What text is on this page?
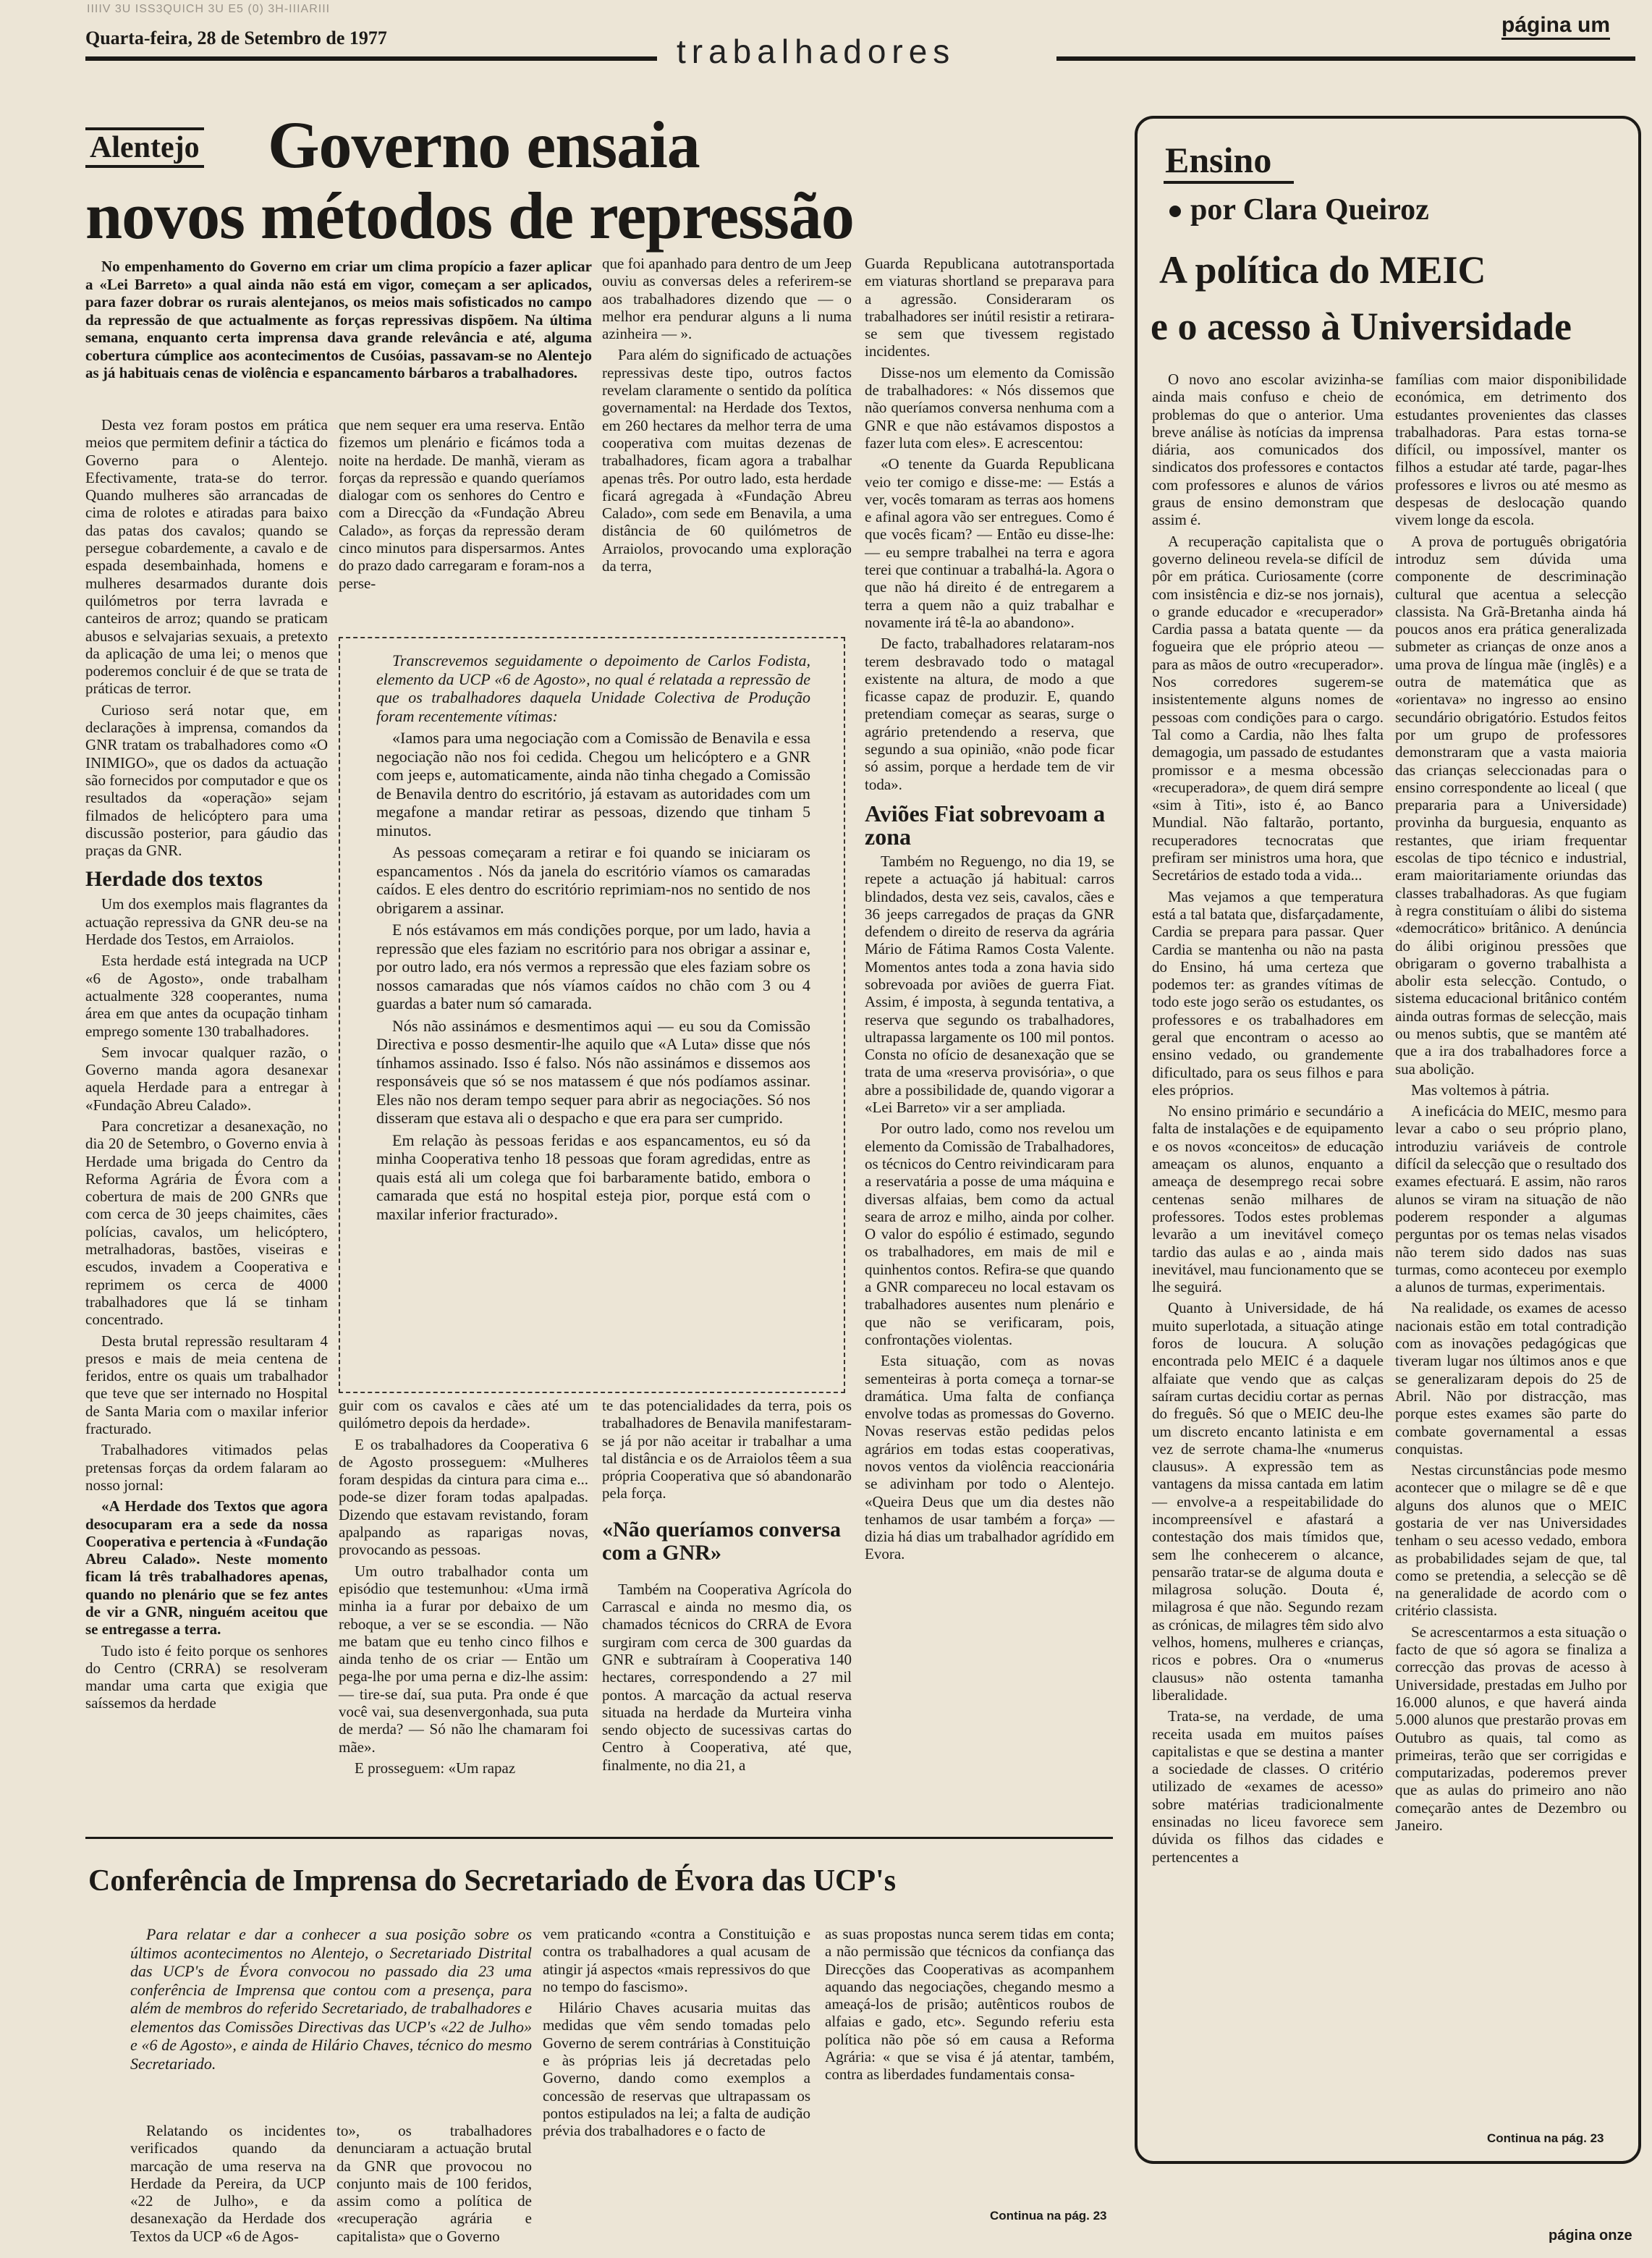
IIIIV 3U ISS3QUICH 3U E5 (0) 3H-IIIARIII
Quarta-feira, 28 de Setembro de 1977	trabalhadores
página um
Alentejo Governo ensaia
novos métodos de repressão

No empenhamento do Governo em criar um clima propício a fazer aplicar a «Lei Barreto» a qual ainda não está em vigor, começam a ser aplicados, para fazer dobrar os rurais alentejanos, os meios mais sofisticados no campo da repressão de que actualmente as forças repressivas dispõem. Na última semana, enquanto certa imprensa dava grande relevância e até, alguma cobertura cúmplice aos acontecimentos de Cusóias, passavam-se no Alentejo as já habituais cenas de violência e espancamento bárbaros a trabalhadores.

Desta vez foram postos em prática meios que permitem definir a táctica do Governo para o Alentejo. Efectivamente, trata-se do terror. Quando mulheres são arrancadas de cima de rolotes e atiradas para baixo das patas dos cavalos; quando se persegue cobardemente, a cavalo e de espada desembainhada, homens e mulheres desarmados durante dois quilómetros por terra lavrada e canteiros de arroz; quando se praticam abusos e selvajarias sexuais, a pretexto da aplicação de uma lei; o menos que poderemos concluir é de que se trata de práticas de terror.

Curioso será notar que, em declarações à imprensa, comandos da GNR tratam os trabalhadores como «O INIMIGO», que os dados da actuação são fornecidos por computador e que os resultados da «operação» sejam filmados de helicóptero para uma discussão posterior, para gáudio das praças da GNR.

Herdade dos textos

Um dos exemplos mais flagrantes da actuação repressiva da GNR deu-se na Herdade dos Testos, em Arraiolos.

Esta herdade está integrada na UCP «6 de Agosto», onde trabalham actualmente 328 cooperantes, numa área em que antes da ocupação tinham emprego somente 130 trabalhadores.

Sem invocar qualquer razão, o Governo manda agora desanexar aquela Herdade para a entregar à «Fundação Abreu Calado».

Para concretizar a desanexação, no dia 20 de Setembro, o Governo envia à Herdade uma brigada do Centro da Reforma Agrária de Évora com a cobertura de mais de 200 GNRs que com cerca de 30 jeeps chaimites, cães polícias, cavalos, um helicóptero, metralhadoras, bastões, viseiras e escudos, invadem a Cooperativa e reprimem os cerca de 4000 trabalhadores que lá se tinham concentrado.

Desta brutal repressão resultaram 4 presos e mais de meia centena de feridos, entre os quais um trabalhador que teve que ser internado no Hospital de Santa Maria com o maxilar inferior fracturado.

Trabalhadores vitimados pelas pretensas forças da ordem falaram ao nosso jornal:

«A Herdade dos Textos que agora desocuparam era a sede da nossa Cooperativa e pertencia à «Fundação Abreu Calado». Neste momento ficam lá três trabalhadores apenas, quando no plenário que se fez antes de vir a GNR, ninguém aceitou que se entregasse a terra.

Tudo isto é feito porque os senhores do Centro (CRRA) se resolveram mandar uma carta que exigia que saíssemos da herdade

que nem sequer era uma reserva. Então fizemos um plenário e ficámos toda a noite na herdade. De manhã, vieram as forças da repressão e quando queríamos dialogar com os senhores do Centro e com a Direcção da «Fundação Abreu Calado», as forças da repressão deram cinco minutos para dispersarmos. Antes do prazo dado carregaram e foram-nos a perse-

que foi apanhado para dentro de um Jeep ouviu as conversas deles a referirem-se aos trabalhadores dizendo que — o melhor era pendurar alguns a li numa azinheira — ».

Para além do significado de actuações repressivas deste tipo, outros factos revelam claramente o sentido da política governamental: na Herdade dos Textos, em 260 hectares da melhor terra de uma cooperativa com muitas dezenas de trabalhadores, ficam agora a trabalhar apenas três. Por outro lado, esta herdade ficará agregada à «Fundação Abreu Calado», com sede em Benavila, a uma distância de 60 quilómetros de Arraiolos, provocando uma exploração da terra,

Guarda Republicana autotransportada em viaturas shortland se preparava para a agressão. Consideraram os trabalhadores ser inútil resistir a retirara-se sem que tivessem registado incidentes.

Disse-nos um elemento da Comissão de trabalhadores: « Nós dissemos que não queríamos conversa nenhuma com a GNR e que não estávamos dispostos a fazer luta com eles». E acrescentou:

«O tenente da Guarda Republicana veio ter comigo e disse-me: — Estás a ver, vocês tomaram as terras aos homens e afinal agora vão ser entregues. Como é que vocês ficam? — Então eu disse-lhe: — eu sempre trabalhei na terra e agora terei que continuar a trabalhá-la. Agora o que não há direito é de entregarem a terra a quem não a quiz trabalhar e novamente irá tê-la ao abandono».

De facto, trabalhadores relataram-nos terem desbravado todo o matagal existente na altura, de modo a que ficasse capaz de produzir. E, quando pretendiam começar as searas, surge o agrário pretendendo a reserva, que segundo a sua opinião, «não pode ficar só assim, porque a herdade tem de vir toda».

Aviões Fiat sobrevoam a zona

Também no Reguengo, no dia 19, se repete a actuação já habitual: carros blindados, desta vez seis, cavalos, cães e 36 jeeps carregados de praças da GNR defendem o direito de reserva da agrária Mário de Fátima Ramos Costa Valente. Momentos antes toda a zona havia sido sobrevoada por aviões de guerra Fiat. Assim, é imposta, à segunda tentativa, a reserva que segundo os trabalhadores, ultrapassa largamente os 100 mil pontos. Consta no ofício de desanexação que se trata de uma «reserva provisória», o que abre a possibilidade de, quando vigorar a «Lei Barreto» vir a ser ampliada.

Por outro lado, como nos revelou um elemento da Comissão de Trabalhadores, os técnicos do Centro reivindicaram para a reservatária a posse de uma máquina e diversas alfaias, bem como da actual seara de arroz e milho, ainda por colher. O valor do espólio é estimado, segundo os trabalhadores, em mais de mil e quinhentos contos. Refira-se que quando a GNR compareceu no local estavam os trabalhadores ausentes num plenário e que não se verificaram, pois, confrontações violentas.

Esta situação, com as novas sementeiras à porta começa a tornar-se dramática. Uma falta de confiança envolve todas as promessas do Governo. Novas reservas estão pedidas pelos agrários em todas estas cooperativas, novos ventos da violência reaccionária se adivinham por todo o Alentejo. «Queira Deus que um dia destes não tenhamos de usar também a força» — dizia há dias um trabalhador agrídido em Evora.

Transcrevemos seguidamente o depoimento de Carlos Fodista, elemento da UCP «6 de Agosto», no qual é relatada a repressão de que os trabalhadores daquela Unidade Colectiva de Produção foram recentemente vítimas:

«Iamos para uma negociação com a Comissão de Benavila e essa negociação não nos foi cedida. Chegou um helicóptero e a GNR com jeeps e, automaticamente, ainda não tinha chegado a Comissão de Benavila dentro do escritório, já estavam as autoridades com um megafone a mandar retirar as pessoas, dizendo que tinham 5 minutos.

As pessoas começaram a retirar e foi quando se iniciaram os espancamentos . Nós da janela do escritório víamos os camaradas caídos. E eles dentro do escritório reprimiam-nos no sentido de nos obrigarem a assinar.

E nós estávamos em más condições porque, por um lado, havia a repressão que eles faziam no escritório para nos obrigar a assinar e, por outro lado, era nós vermos a repressão que eles faziam sobre os nossos camaradas que nós víamos caídos no chão com 3 ou 4 guardas a bater num só camarada.

Nós não assinámos e desmentimos aqui — eu sou da Comissão Directiva e posso desmentir-lhe aquilo que «A Luta» disse que nós tínhamos assinado. Isso é falso. Nós não assinámos e dissemos aos responsáveis que só se nos matassem é que nós podíamos assinar. Eles não nos deram tempo sequer para abrir as negociações. Só nos disseram que estava ali o despacho e que era para ser cumprido.

Em relação às pessoas feridas e aos espancamentos, eu só da minha Cooperativa tenho 18 pessoas que foram agredidas, entre as quais está ali um colega que foi barbaramente batido, embora o camarada que está no hospital esteja pior, porque está com o maxilar inferior fracturado».

guir com os cavalos e cães até um quilómetro depois da herdade».

E os trabalhadores da Cooperativa 6 de Agosto prosseguem: «Mulheres foram despidas da cintura para cima e... pode-se dizer foram todas apalpadas. Dizendo que estavam revistando, foram apalpando as raparigas novas, provocando as pessoas.

Um outro trabalhador conta um episódio que testemunhou: «Uma irmã minha ia a furar por debaixo de um reboque, a ver se se escondia. — Não me batam que eu tenho cinco filhos e ainda tenho de os criar — Então um pega-lhe por uma perna e diz-lhe assim: — tire-se daí, sua puta. Pra onde é que você vai, sua desenvergonhada, sua puta de merda? — Só não lhe chamaram foi mãe».

E prosseguem: «Um rapaz

te das potencialidades da terra, pois os trabalhadores de Benavila manifestaram-se já por não aceitar ir trabalhar a uma tal distância e os de Arraiolos têem a sua própria Cooperativa que só abandonarão pela força.

«Não queríamos conversa com a GNR»

Também na Cooperativa Agrícola do Carrascal e ainda no mesmo dia, os chamados técnicos do CRRA de Evora surgiram com cerca de 300 guardas da GNR e subtraíram à Cooperativa 140 hectares, correspondendo a 27 mil pontos. A marcação da actual reserva situada na herdade da Murteira vinha sendo objecto de sucessivas cartas do Centro à Cooperativa, até que, finalmente, no dia 21, a

Ensino
por Clara Queiroz
A política do MEIC
e o acesso à Universidade

O novo ano escolar avizinha-se ainda mais confuso e cheio de problemas do que o anterior. Uma breve análise às notícias da imprensa diária, aos comunicados dos sindicatos dos professores e contactos com professores e alunos de vários graus de ensino demonstram que assim é.

A recuperação capitalista que o governo delineou revela-se difícil de pôr em prática. Curiosamente (corre com insistência e diz-se nos jornais), o grande educador e «recuperador» Cardia passa a batata quente — da fogueira que ele próprio ateou — para as mãos de outro «recuperador». Nos corredores sugerem-se insistentemente alguns nomes de pessoas com condições para o cargo. Tal como a Cardia, não lhes falta demagogia, um passado de estudantes promissor e a mesma obcessão «recuperadora», de quem dirá sempre «sim à Titi», isto é, ao Banco Mundial. Não faltarão, portanto, recuperadores tecnocratas que prefiram ser ministros uma hora, que Secretários de estado toda a vida...

Mas vejamos a que temperatura está a tal batata que, disfarçadamente, Cardia se prepara para passar. Quer Cardia se mantenha ou não na pasta do Ensino, há uma certeza que podemos ter: as grandes vítimas de todo este jogo serão os estudantes, os professores e os trabalhadores em geral que encontram o acesso ao ensino vedado, ou grandemente dificultado, para os seus filhos e para eles próprios.

No ensino primário e secundário a falta de instalações e de equipamento e os novos «conceitos» de educação ameaçam os alunos, enquanto a ameaça de desemprego recai sobre centenas senão milhares de professores. Todos estes problemas levarão a um inevitável começo tardio das aulas e ao , ainda mais inevitável, mau funcionamento que se lhe seguirá.

Quanto à Universidade, de há muito superlotada, a situação atinge foros de loucura. A solução encontrada pelo MEIC é a daquele alfaiate que vendo que as calças saíram curtas decidiu cortar as pernas do freguês. Só que o MEIC deu-lhe um discreto encanto latinista e em vez de serrote chama-lhe «numerus clausus». A expressão tem as vantagens da missa cantada em latim — envolve-a a respeitabilidade do incompreensível e afastará a contestação dos mais tímidos que, sem lhe conhecerem o alcance, pensarão tratar-se de alguma douta e milagrosa solução. Douta é, milagrosa é que não. Segundo rezam as crónicas, de milagres têm sido alvo velhos, homens, mulheres e crianças, ricos e pobres. Ora o «numerus clausus» não ostenta tamanha liberalidade.

Trata-se, na verdade, de uma receita usada em muitos países capitalistas e que se destina a manter a sociedade de classes. O critério utilizado de «exames de acesso» sobre matérias tradicionalmente ensinadas no liceu favorece sem dúvida os filhos das cidades e pertencentes a

famílias com maior disponibilidade económica, em detrimento dos estudantes provenientes das classes trabalhadoras. Para estas torna-se difícil, ou impossível, manter os filhos a estudar até tarde, pagar-lhes professores e livros ou até mesmo as despesas de deslocação quando vivem longe da escola.

A prova de português obrigatória introduz sem dúvida uma componente de descriminação cultural que acentua a selecção classista. Na Grã-Bretanha ainda há poucos anos era prática generalizada submeter as crianças de onze anos a uma prova de língua mãe (inglês) e a outra de matemática que as «orientava» no ingresso ao ensino secundário obrigatório. Estudos feitos por um grupo de professores demonstraram que a vasta maioria das crianças seleccionadas para o ensino correspondente ao liceal ( que prepararia para a Universidade) provinha da burguesia, enquanto as restantes, que iriam frequentar escolas de tipo técnico e industrial, eram maioritariamente oriundas das classes trabalhadoras. As que fugiam à regra constituíam o álibi do sistema «democrático» britânico. A denúncia do álibi originou pressões que obrigaram o governo trabalhista a abolir esta selecção. Contudo, o sistema educacional britânico contém ainda outras formas de selecção, mais ou menos subtis, que se mantêm até que a ira dos trabalhadores force a sua abolição.

Mas voltemos à pátria.

A ineficácia do MEIC, mesmo para levar a cabo o seu próprio plano, introduziu variáveis de controle difícil da selecção que o resultado dos exames efectuará. E assim, não raros alunos se viram na situação de não poderem responder a algumas perguntas por os temas nelas visados não terem sido dados nas suas turmas, como aconteceu por exemplo a alunos de turmas, experimentais.

Na realidade, os exames de acesso nacionais estão em total contradição com as inovações pedagógicas que tiveram lugar nos últimos anos e que se generalizaram depois do 25 de Abril. Não por distracção, mas porque estes exames são parte do combate governamental a essas conquistas.

Nestas circunstâncias pode mesmo acontecer que o milagre se dê e que alguns dos alunos que o MEIC gostaria de ver nas Universidades tenham o seu acesso vedado, embora as probabilidades sejam de que, tal como se pretendia, a selecção se dê na generalidade de acordo com o critério classista.

Se acrescentarmos a esta situação o facto de que só agora se finaliza a correcção das provas de acesso à Universidade, prestadas em Julho por 16.000 alunos, e que haverá ainda 5.000 alunos que prestarão provas em Outubro as quais, tal como as primeiras, terão que ser corrigidas e computarizadas, poderemos prever que as aulas do primeiro ano não começarão antes de Dezembro ou Janeiro.

Continua na pág. 23
Conferência de Imprensa do Secretariado de Évora das UCP's

Para relatar e dar a conhecer a sua posição sobre os últimos acontecimentos no Alentejo, o Secretariado Distrital das UCP's de Évora convocou no passado dia 23 uma conferência de Imprensa que contou com a presença, para além de membros do referido Secretariado, de trabalhadores e elementos das Comissões Directivas das UCP's «22 de Julho» e «6 de Agosto», e ainda de Hilário Chaves, técnico do mesmo Secretariado.

Relatando os incidentes verificados quando da marcação de uma reserva na Herdade da Pereira, da UCP «22 de Julho», e da desanexação da Herdade dos Textos da UCP «6 de Agos-

to», os trabalhadores denunciaram a actuação brutal da GNR que provocou no conjunto mais de 100 feridos, assim como a política de «recuperação agrária e capitalista» que o Governo

vem praticando «contra a Constituição e contra os trabalhadores a qual acusam de atingir já aspectos «mais repressivos do que no tempo do fascismo».

Hilário Chaves acusaria muitas das medidas que vêm sendo tomadas pelo Governo de serem contrárias à Constituição e às próprias leis já decretadas pelo Governo, dando como exemplos a concessão de reservas que ultrapassam os pontos estipulados na lei; a falta de audição prévia dos trabalhadores e o facto de

as suas propostas nunca serem tidas em conta; a não permissão que técnicos da confiança das Direcções das Cooperativas as acompanhem aquando das negociações, chegando mesmo a ameaçá-los de prisão; autênticos roubos de alfaias e gado, etc». Segundo referiu esta política não põe só em causa a Reforma Agrária: « que se visa é já atentar, também, contra as liberdades fundamentais consa-

Continua na pág. 23
página onze
